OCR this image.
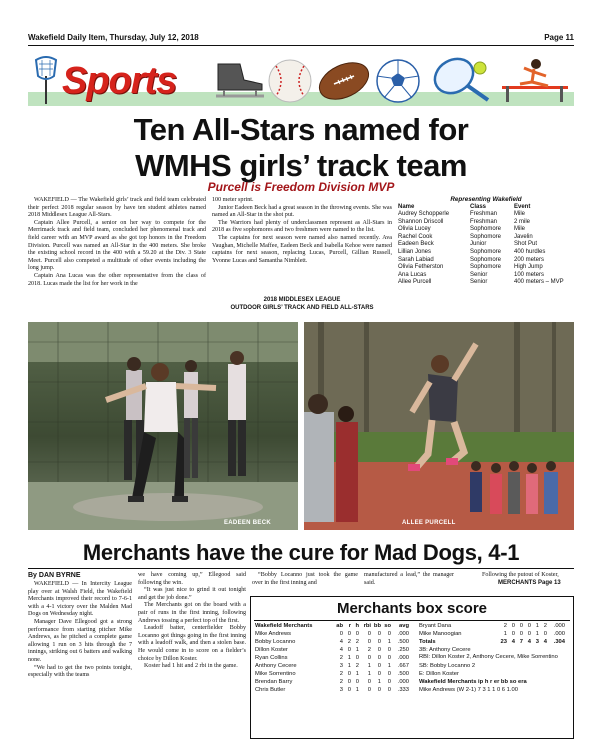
Wakefield Daily Item, Thursday, July 12, 2018	Page 11
Sports
Ten All-Stars named for
WMHS girls’ track team
Purcell is Freedom Division MVP

WAKEFIELD — The Wakefield girls’ track and field team celebrated their perfect 2018 regular season by have ten student athletes named 2018 Middlesex League All-Stars.

Captain Allee Purcell, a senior on her way to compete for the Merrimack track and field team, concluded her phenomenal track and field career with an MVP award as she got top honors in the Freedom Division. Purcell was named an All-Star in the 400 meters. She broke the existing school record in the 400 with a 59.20 at the Div. 3 State Meet. Purcell also competed a multitude of other events including the long jump.

Captain Ana Lucas was the other representative from the class of 2018. Lucas made the list for her work in the

100 meter sprint.

Junior Eadeen Beck had a great season in the throwing events. She was named an All-Star in the shot put.

The Warriors had plenty of underclassmen represent as All-Stars in 2018 as five sophomores and two freshmen were named to the list.

The captains for next season were named also named recently. Ava Vaughan, Michelle Maffee, Eadeen Beck and Isabella Kehoe were named captains for next season, replacing Lucas, Purcell, Gillian Russell, Yvonne Lucas and Samantha Nimblett.

2018 MIDDLESEX LEAGUE
OUTDOOR GIRLS’ TRACK AND FIELD ALL-STARS
Representing Wakefield
Name	Class	Event
Audrey Schopperle	Freshman	Mile
Shannon Driscoll	Freshman	2 mile
Olivia Lucey	Sophomore	Mile
Rachel Cook	Sophomore	Javelin
Eadeen Beck	Junior	Shot Put
Lillian Jones	Sophomore	400 hurdles
Sarah Labiad	Sophomore	200 meters
Olivia Fetherston	Sophomore	High Jump
Ana Lucas	Senior	100 meters
Allee Purcell	Senior	400 meters – MVP
EADEEN BECK	ALLEE PURCELL
Merchants have the cure for Mad Dogs, 4-1
By DAN BYRNE

WAKEFIELD — In Intercity League play over at Walsh Field, the Wakefield Merchants improved their record to 7-6-1 with a 4-1 victory over the Malden Mad Dogs on Wednesday night.

Manager Dave Ellegood got a strong performance from starting pitcher Mike Andrews, as he pitched a complete game allowing 1 run on 3 hits through the 7 innings, striking out 6 batters and walking none.

“We had to get the two points tonight, especially with the teams

we have coming up,” Ellegood said following the win.

“It was just nice to grind it out tonight and get the job done.”

The Merchants got on the board with a pair of runs in the first inning, following Andrews tossing a perfect top of the first.

Leadoff batter, centerfielder Bobby Locanno got things going in the first inning with a leadoff walk, and then a stolen base. He would come in to score on a fielder’s choice by Dillon Koster.

Koster had 1 hit and 2 rbi in the game.

“Bobby Locanno just took the game over in the first inning and

manufactured a lead,” the manager said.

Following the putout of Koster,

MERCHANTS Page 13
Merchants box score
Wakefield Merchants	ab	r	h	rbi	bb	so	avg
Mike Andrews	0	0	0	0	0	0	.000
Bobby Locanno	4	2	2	0	0	1	.500
Dillon Koster	4	0	1	2	0	0	.250
Ryan Collins	2	1	0	0	0	0	.000
Anthony Cecere	3	1	2	1	0	1	.667
Mike Sorrentino	2	0	1	1	0	0	.500
Brendan Barry	2	0	0	0	1	0	.000
Chris Butler	3	0	1	0	0	0	.333
Bryant Dana	2	0	0	0	1	2	.000
Mike Manoogian	1	0	0	0	1	0	.000
Totals	23	4	7	4	3	4	.304
3B: Anthony Cecere
RBI: Dillon Koster 2, Anthony Cecere, Mike Sorrentino
SB: Bobby Locanno 2
E: Dillon Koster
Wakefield Merchants ip h r er bb so era
Mike Andrews (W 2-1) 7 3 1 1 0 6 1.00
